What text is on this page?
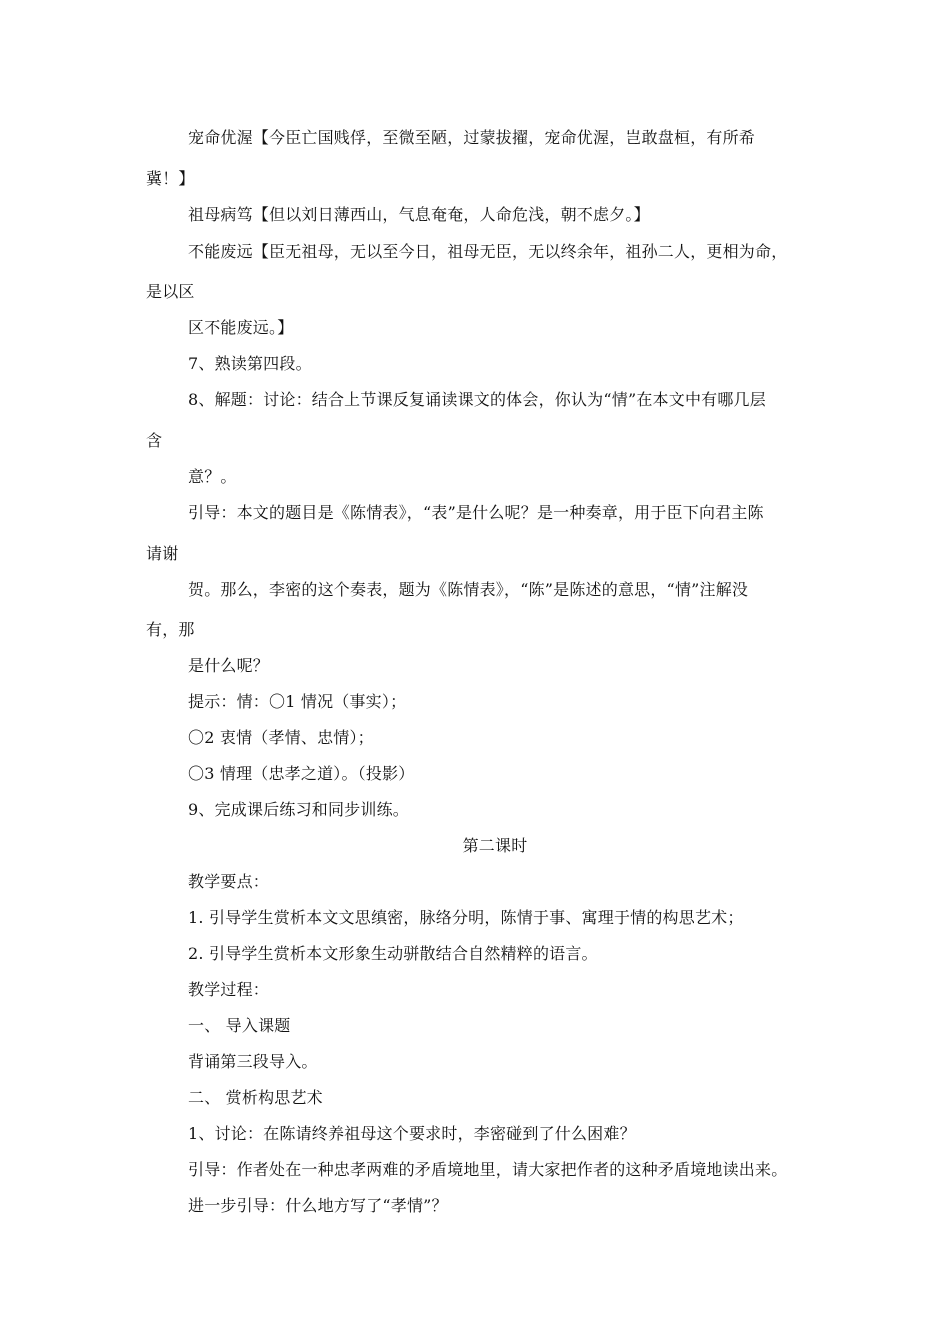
宠命优渥【今臣亡国贱俘，至微至陋，过蒙拔擢，宠命优渥，岂敢盘桓，有所希
冀！】
祖母病笃【但以刘日薄西山，气息奄奄，人命危浅，朝不虑夕。】
不能废远【臣无祖母，无以至今日，祖母无臣，无以终余年，祖孙二人，更相为命，
是以区
区不能废远。】
7、熟读第四段。
8、解题：讨论：结合上节课反复诵读课文的体会，你认为“情”在本文中有哪几层
含
意？。
引导：本文的题目是《陈情表》，“表”是什么呢？是一种奏章，用于臣下向君主陈
请谢
贺。那么，李密的这个奏表，题为《陈情表》，“陈”是陈述的意思，“情”注解没
有，那
是什么呢？
提示：情：〇1 情况（事实）；
〇2 衷情（孝情、忠情）；
〇3 情理（忠孝之道）。（投影）
9、完成课后练习和同步训练。
第二课时
教学要点：
1. 引导学生赏析本文文思缜密，脉络分明，陈情于事、寓理于情的构思艺术；
2. 引导学生赏析本文形象生动骈散结合自然精粹的语言。
教学过程：
一、 导入课题
背诵第三段导入。
二、 赏析构思艺术
1、讨论：在陈请终养祖母这个要求时，李密碰到了什么困难？
引导：作者处在一种忠孝两难的矛盾境地里，请大家把作者的这种矛盾境地读出来。
进一步引导：什么地方写了“孝情”？
